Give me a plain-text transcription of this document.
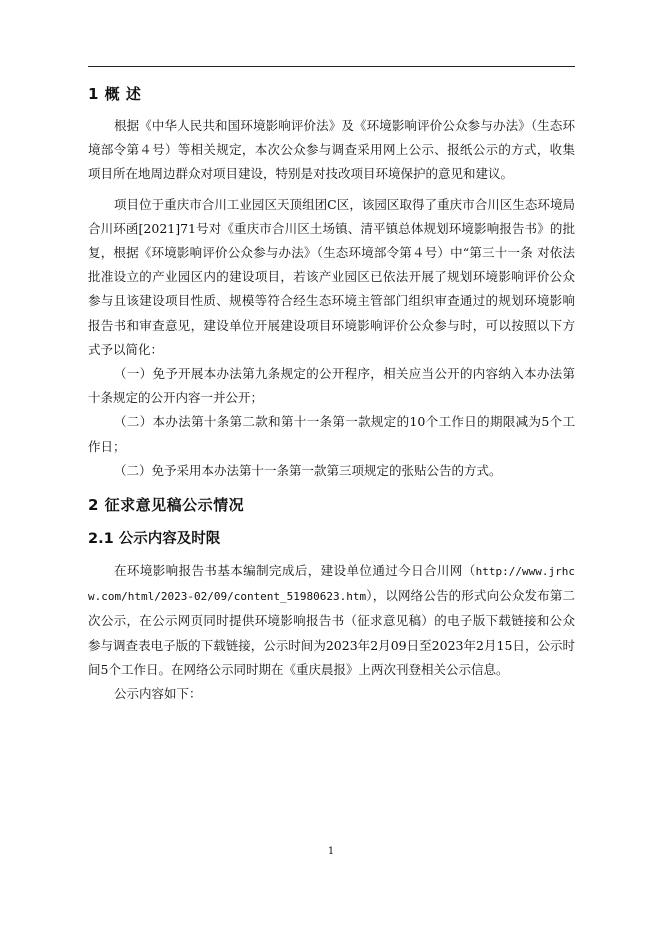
1 概 述

根据《中华人民共和国环境影响评价法》及《环境影响评价公众参与办法》（生态环境部令第４号）等相关规定，本次公众参与调查采用网上公示、报纸公示的方式，收集项目所在地周边群众对项目建设，特别是对技改项目环境保护的意见和建议。

项目位于重庆市合川工业园区天顶组团C区，该园区取得了重庆市合川区生态环境局合川环函[2021]71号对《重庆市合川区土场镇、清平镇总体规划环境影响报告书》的批复，根据《环境影响评价公众参与办法》（生态环境部令第４号）中“第三十一条 对依法批准设立的产业园区内的建设项目，若该产业园区已依法开展了规划环境影响评价公众参与且该建设项目性质、规模等符合经生态环境主管部门组织审查通过的规划环境影响报告书和审查意见，建设单位开展建设项目环境影响评价公众参与时，可以按照以下方式予以简化：

（一）免予开展本办法第九条规定的公开程序，相关应当公开的内容纳入本办法第十条规定的公开内容一并公开；

（二）本办法第十条第二款和第十一条第一款规定的10个工作日的期限减为5个工作日；

（二）免予采用本办法第十一条第一款第三项规定的张贴公告的方式。

2 征求意见稿公示情况
2.1 公示内容及时限

在环境影响报告书基本编制完成后，建设单位通过今日合川网（http://www.jrhcw.com/html/2023-02/09/content_51980623.htm），以网络公告的形式向公众发布第二次公示，在公示网页同时提供环境影响报告书（征求意见稿）的电子版下载链接和公众参与调查表电子版的下载链接，公示时间为2023年2月09日至2023年2月15日，公示时间5个工作日。在网络公示同时期在《重庆晨报》上两次刊登相关公示信息。

公示内容如下：

1
